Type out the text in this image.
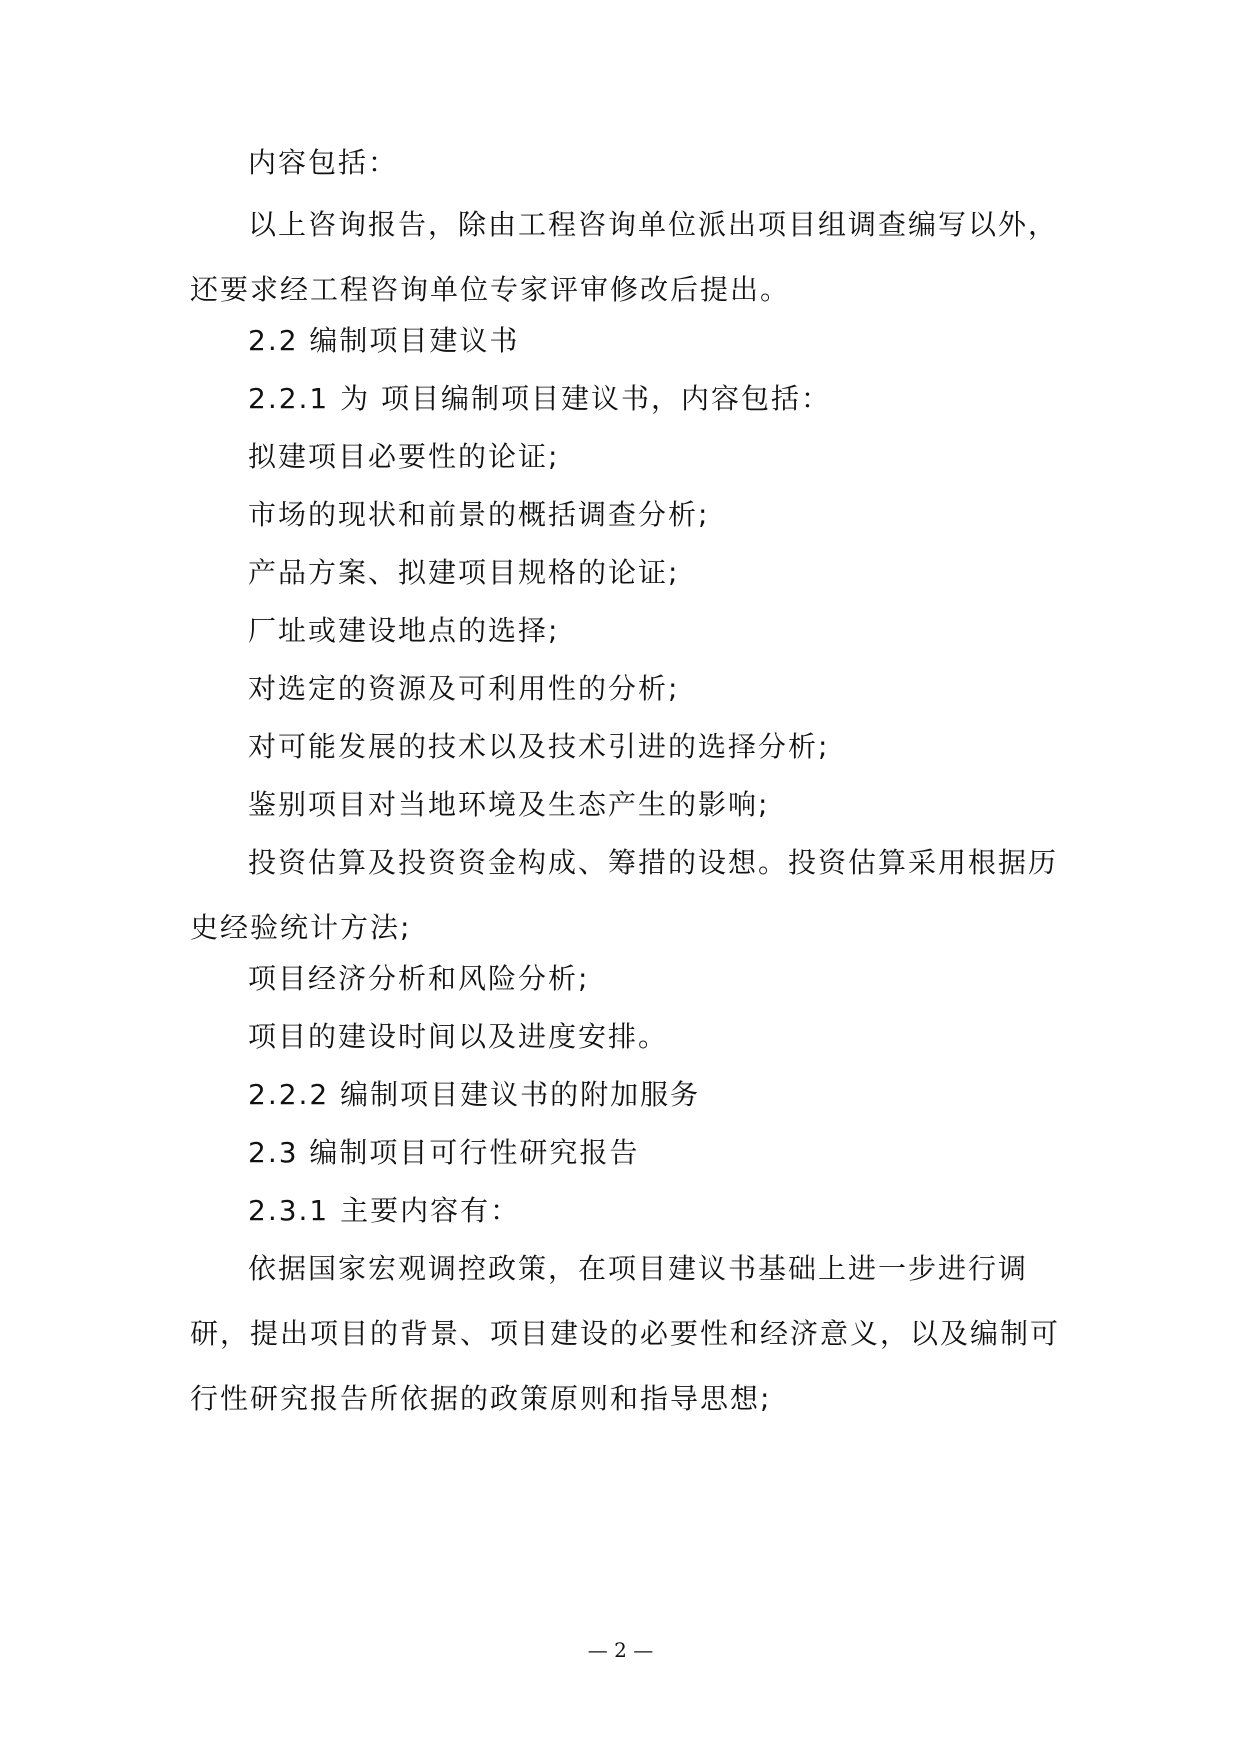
内容包括：

以上咨询报告，除由工程咨询单位派出项目组调查编写以外，还要求经工程咨询单位专家评审修改后提出。

2.2 编制项目建议书

2.2.1 为 项目编制项目建议书，内容包括：

拟建项目必要性的论证;

市场的现状和前景的概括调查分析;

产品方案、拟建项目规格的论证;

厂址或建设地点的选择;

对选定的资源及可利用性的分析;

对可能发展的技术以及技术引进的选择分析;

鉴别项目对当地环境及生态产生的影响;

投资估算及投资资金构成、筹措的设想。投资估算采用根据历史经验统计方法;

项目经济分析和风险分析;

项目的建设时间以及进度安排。

2.2.2 编制项目建议书的附加服务

2.3 编制项目可行性研究报告

2.3.1 主要内容有：

依据国家宏观调控政策，在项目建议书基础上进一步进行调研，提出项目的背景、项目建设的必要性和经济意义，以及编制可行性研究报告所依据的政策原则和指导思想;

— 2 —
